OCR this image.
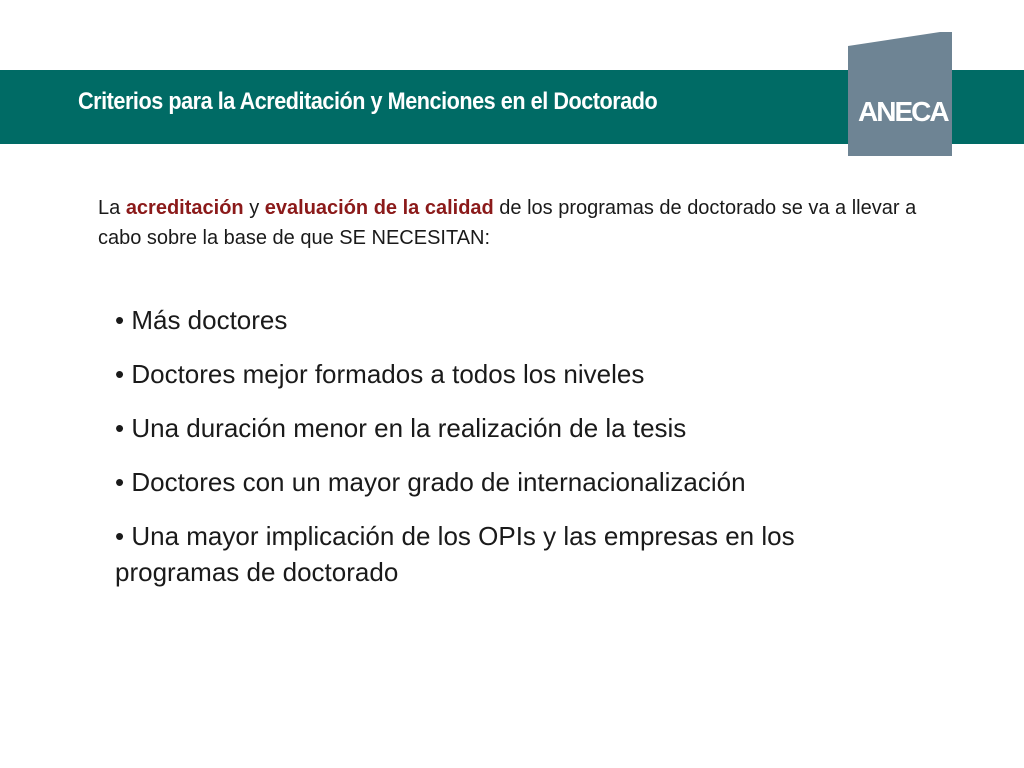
Criterios para la Acreditación y Menciones en el Doctorado	ANECA

La acreditación y evaluación de la calidad de los programas de doctorado se va a llevar a cabo sobre la base de que SE NECESITAN:

• Más doctores
• Doctores mejor formados a todos los niveles
• Una duración menor en la realización de la tesis
• Doctores con un mayor grado de internacionalización
• Una mayor implicación de los OPIs y las empresas en los programas de doctorado
